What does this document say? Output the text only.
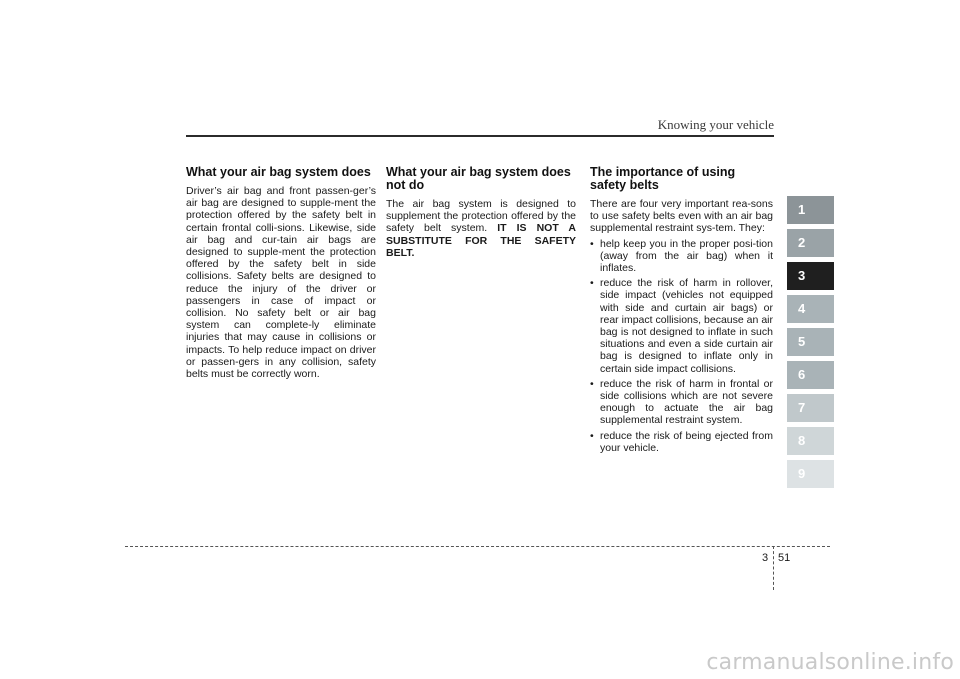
Knowing your vehicle
What your air bag system does

Driver’s air bag and front passen-ger’s air bag are designed to supple-ment the protection offered by the safety belt in certain frontal colli-sions. Likewise, side air bag and cur-tain air bags are designed to supple-ment the protection offered by the safety belt in side collisions. Safety belts are designed to reduce the injury of the driver or passengers in case of impact or collision. No safety belt or air bag system can complete-ly eliminate injuries that may cause in collisions or impacts. To help reduce impact on driver or passen-gers in any collision, safety belts must be correctly worn.

What your air bag system does not do

The air bag system is designed to supplement the protection offered by the safety belt system. IT IS NOT A SUBSTITUTE FOR THE SAFETY BELT.

The importance of using safety belts

There are four very important rea-sons to use safety belts even with an air bag supplemental restraint sys-tem. They:

• help keep you in the proper posi-tion (away from the air bag) when it inflates.
• reduce the risk of harm in rollover, side impact (vehicles not equipped with side and curtain air bags) or rear impact collisions, because an air bag is not designed to inflate in such situations and even a side curtain air bag is designed to inflate only in certain side impact collisions.
• reduce the risk of harm in frontal or side collisions which are not severe enough to actuate the air bag supplemental restraint system.
• reduce the risk of being ejected from your vehicle.
1
2
3
4
5
6
7
8
9
3 51
carmanualsonline.info
